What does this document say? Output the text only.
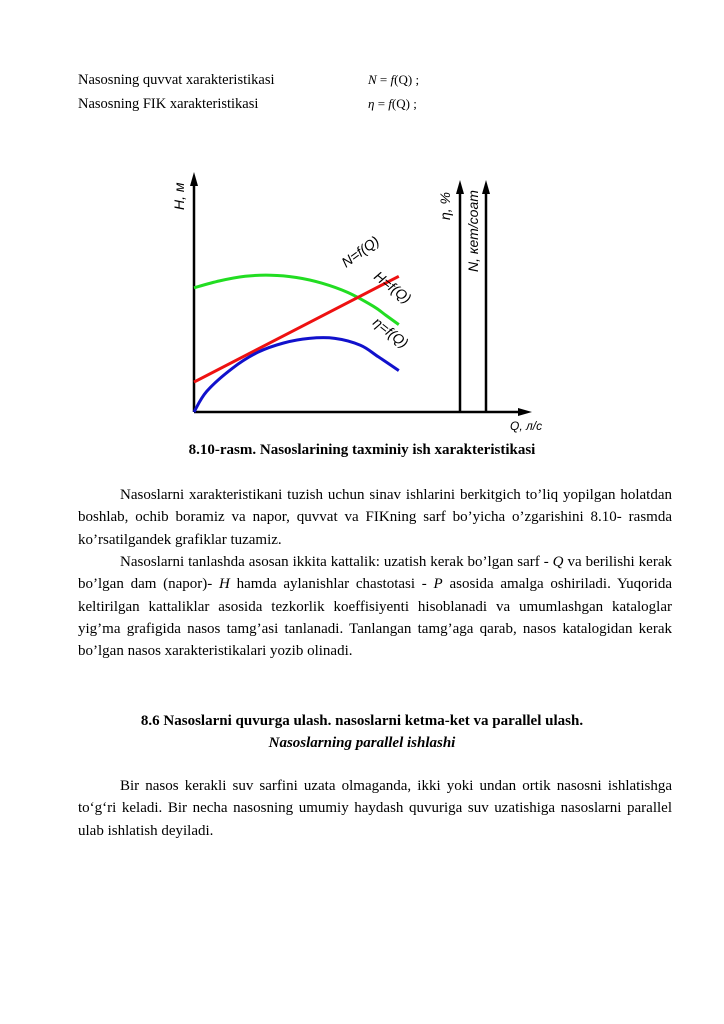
Nasosning quvvat xarakteristikasi	N = f(Q) ;
Nasosning FIK xarakteristikasi	η = f(Q) ;
H, м	η, % N, кет/соат
Q, л/с
N=f(Q)
H=f(Q)
η=f(Q)
8.10-rasm. Nasoslarining taxminiy ish xarakteristikasi

Nasoslarni xarakteristikani tuzish uchun sinav ishlarini berkitgich to’liq yopilgan holatdan boshlab, ochib boramiz va napor, quvvat va FIKning sarf bo’yicha o’zgarishini 8.10- rasmda ko’rsatilgandek grafiklar tuzamiz.

Nasoslarni tanlashda asosan ikkita kattalik: uzatish kerak bo’lgan sarf - Q va berilishi kerak bo’lgan dam (napor)- H hamda aylanishlar chastotasi - P asosida amalga oshiriladi. Yuqorida keltirilgan kattaliklar asosida tezkorlik koeffisiyenti hisoblanadi va umumlashgan kataloglar yig’ma grafigida nasos tamg’asi tanlanadi. Tanlangan tamg’aga qarab, nasos katalogidan kerak bo’lgan nasos xarakteristikalari yozib olinadi.

8.6 Nasoslarni quvurga ulash. nasoslarni ketma-ket va parallel ulash.
Nasoslarning parallel ishlashi

Bir nasos kerakli suv sarfini uzata olmaganda, ikki yoki undan ortik nasosni ishlatishga to‘g‘ri keladi. Bir necha nasosning umumiy haydash quvuriga suv uzatishiga nasoslarni parallel ulab ishlatish deyiladi.
